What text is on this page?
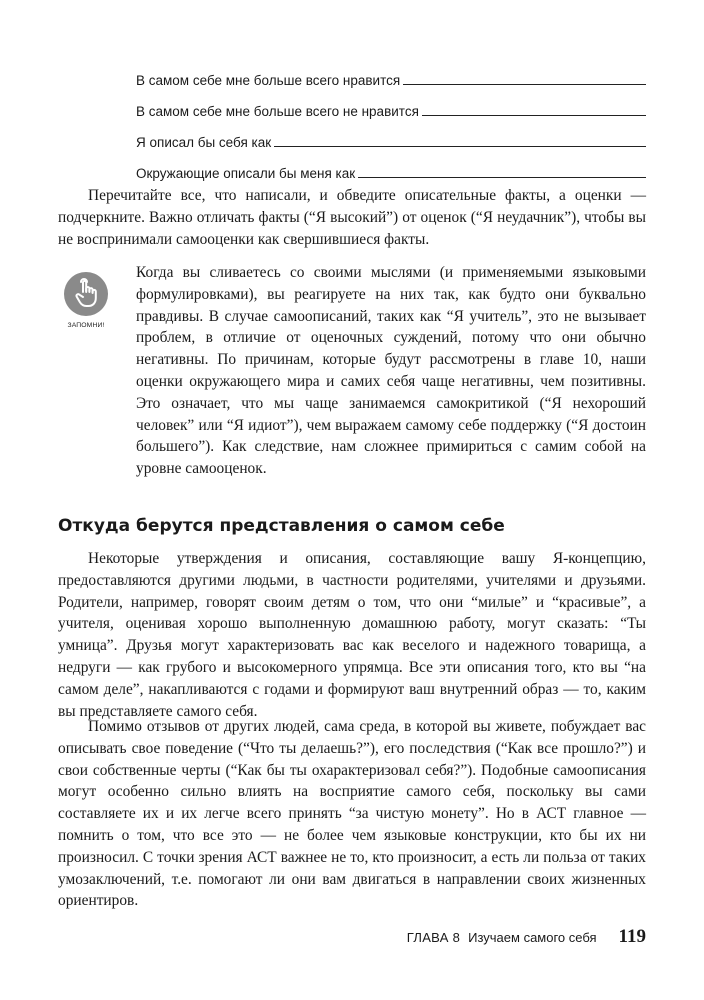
В самом себе мне больше всего нравится
В самом себе мне больше всего не нравится
Я описал бы себя как
Окружающие описали бы меня как

Перечитайте все, что написали, и обведите описательные факты, а оценки — подчеркните. Важно отличать факты (“Я высокий”) от оценок (“Я неудачник”), чтобы вы не воспринимали самооценки как свершившиеся факты.

ЗАПОМНИ!

Когда вы сливаетесь со своими мыслями (и применяемыми языковыми формулировками), вы реагируете на них так, как будто они буквально правдивы. В случае самоописаний, таких как “Я учитель”, это не вызывает проблем, в отличие от оценочных суждений, потому что они обычно негативны. По причинам, которые будут рассмотрены в главе 10, наши оценки окружающего мира и самих себя чаще негативны, чем позитивны. Это означает, что мы чаще занимаемся самокритикой (“Я нехороший человек” или “Я идиот”), чем выражаем самому себе поддержку (“Я достоин большего”). Как следствие, нам сложнее примириться с самим собой на уровне самооценок.

Откуда берутся представления о самом себе

Некоторые утверждения и описания, составляющие вашу Я-концепцию, предоставляются другими людьми, в частности родителями, учителями и друзьями. Родители, например, говорят своим детям о том, что они “милые” и “красивые”, а учителя, оценивая хорошо выполненную домашнюю работу, могут сказать: “Ты умница”. Друзья могут характеризовать вас как веселого и надежного товарища, а недруги — как грубого и высокомерного упрямца. Все эти описания того, кто вы “на самом деле”, накапливаются с годами и формируют ваш внутренний образ — то, каким вы представляете самого себя.

Помимо отзывов от других людей, сама среда, в которой вы живете, побуждает вас описывать свое поведение (“Что ты делаешь?”), его последствия (“Как все прошло?”) и свои собственные черты (“Как бы ты охарактеризовал себя?”). Подобные самоописания могут особенно сильно влиять на восприятие самого себя, поскольку вы сами составляете их и их легче всего принять “за чистую монету”. Но в АСТ главное — помнить о том, что все это — не более чем языковые конструкции, кто бы их ни произносил. С точки зрения АСТ важнее не то, кто произносит, а есть ли польза от таких умозаключений, т.е. помогают ли они вам двигаться в направлении своих жизненных ориентиров.

ГЛАВА 8 Изучаем самого себя 119
